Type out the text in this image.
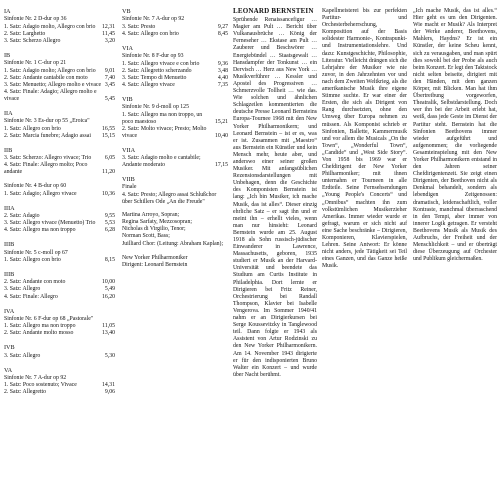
IA
Sinfonie Nr. 2 D-dur op 36
1. Satz: Adagio molto, Allegro con brio	12,31
2. Satz: Larghetto	11,45
3. Satz: Scherzo Allegro	3,20
IB
Sinfonie Nr. 1 C-dur op 21
1. Satz: Adagio molto; Allegro con brio	9,01
2. Satz: Andante cantabile con moto	7,40
3. Satz: Menuetto; Allegro molto e vivace 3,45
4. Satz: Finale: Adagio; Allegro molto e vivace	5,45
IIA
Sinfonie Nr. 3 Es-dur op 55 „Eroica"
1. Satz: Allegro con brio	16,55
2. Satz: Marcia funebre; Adagio assai	15,15
IIB
3. Satz: Scherzo: Allegro vivace; Trio	6,05
4. Satz: Finale: Allegro molto; Poco andante	11,20
Sinfonie Nr. 4 B-dur op 60
1. Satz: Adagio; Allegro vivace	10,36
IIIA
2. Satz: Adagio	9,55
3. Satz: Allegro vivace (Menuetto) Trio	5,53
4. Satz: Allegro ma non troppo	6,28
IIIB
Sinfonie Nr. 5 c-moll op 67
1. Satz: Allegro con brio	8,15
IIIB
2. Satz: Andante con moto	10,00
3. Satz: Allegro	5,49
4. Satz: Finale: Allegro	16,20
IVA
Sinfonie Nr. 6 F-dur op 68 „Pastorale"
1. Satz: Allegro ma non troppo	11,05
2. Satz: Andante molto mosso	13,40
IVB
3. Satz: Allegro	5,30
VA
Sinfonie Nr. 7 A-dur op 92
1. Satz: Poco sostenuto; Vivace	14,31
2. Satz: Allegretto	9,06
VB
Sinfonie Nr. 7 A-dur op 92
3. Satz: Presto	9,27
4. Satz: Allegro con brio	8,45
VIA
Sinfonie Nr. 8 F-dur op 93
1. Satz: Allegro vivace e con brio	9,36
2. Satz: Allegretto scherzando	3,48
3. Satz: Tempo di Menuetto	4,40
4. Satz: Allegro vivace	7,35
VIB
Sinfonie Nr. 9 d-moll op 125
1. Satz: Allegro ma non troppo, un poco maestoso	15,21
2. Satz: Molto vivace; Presto; Molto vivace	10,40
VIIA
3. Satz: Adagio molto e cantabile; Andante moderato	17,15
VIIB
Finale
4. Satz: Presto; Allegro assai Schlußchor über Schillers Ode „An die Freude"
Martina Arroyo, Sopran;
Regina Sarfaty, Mezzosopran;
Nicholas di Virgilio, Tenor;
Norman Scott, Bass;
Juilliard Chor: (Leitung: Abraham Kaplan);

New Yorker Philharmoniker
Dirigent: Leonard Bernstein
LEONARD BERNSTEIN

Sprühende Renaissancefigur … Magier am Pult … Bericht über Vulkanausbrüche … König der Ferneseher … Ekstase am Pult … Zauberer und Beschwörer … Energiebündel … Staatsgewalt … Hansdampfer der Tonkunst … ein Dervisch … Herz aus New York … Musikverführer … Kessler und Apostel des Progressiven … Schmerzvolle Tollheit … wie das. Wie solchen und ähnlichen Schlagzeilen kommentierten die deutsche Presse Leonard Bernsteins Europa-Tournee 1968 mit den New Yorker Philharmonikern; und Leonard Bernstein – ist er es, was er ist. Zusammen mit „Maestro“ aus Bernstein ein Künstler und kein Mensch mehr, heute aber, und anderswo einer seiner großen Musiker. Mit anfangsüblichen Rezensionsdarstellungen mit Unbehagen, denn die Geschichte des Komponisten Bernstein ist lang: „Ich bin Musiker, ich mache Musik, das ist alles“. Dieser einzig ehrliche Satz – er sagt ihn und er meint ihn – erhellt vieles, wenn man nur hinsieht: Leonard Bernstein wurde am 25. August 1918 als Sohn russisch-jüdischer Einwanderer in Lawrence, Massachusetts, geboren, 1935 studiert er Musik an der Harvard-Universität und beendete das Studium am Curtis Institute in Philadelphia. Dort lernte er Dirigieren bei Fritz Reiner, Orchestrierung bei Randall Thompson, Klavier bei Isabelle Vengerova. Im Sommer 1940/41 nahm er an Dirigierkursen bei Serge Koussevitzky in Tanglewood teil. Dann folgte er 1943 als Assistent von Artur Rodzinski zu den New Yorker Philharmonikern. Am 14. November 1943 dirigierte er für den indisponierten Bruno Walter ein Konzert – und wurde über Nacht berühmt.

Kapellmeisterei bis zur perfekten Partitur- und Orchesterbeherrschung, Komposition auf der Basis solidester Harmonie-, Kontrapunkt- und Instrumentationslehre. Und dazu: Kunstgeschichte, Philosophie, Literatur. Vielleicht drängen sich die Lehrjahre der Musiker wie nie zuvor, in den Jahrzehnten vor und nach dem Zweiten Weltkrieg, als die amerikanische Musik ihre eigene Stimme suchte. Er war einer der Ersten, die sich als Dirigent von Rang durchsetzten, ohne den Umweg über Europa nehmen zu müssen. Als Komponist schrieb er Sinfonien, Ballette, Kammermusik und vor allem die Musicals „On the Town“, „Wonderful Town“, „Candide“ und „West Side Story“. Von 1958 bis 1969 war er Chefdirigent der New Yorker Philharmoniker; mit ihnen unternahm er Tourneen in alle Erdteile. Seine Fernsehsendungen „Young People's Concerts“ und „Omnibus“ machten ihn zum volkstümlichen Musikerzieher Amerikas. Immer wieder wurde er gefragt, warum er sich nicht auf eine Sache beschränke – Dirigieren, Komponieren, Klavierspielen, Lehren. Seine Antwort: Er könne nicht anders, jede Tätigkeit sei Teil eines Ganzen, und das Ganze heiße Musik.

„Ich mache Musik, das ist alles.“ Hier geht es um den Dirigenten. Wie macht er Musik? Als Interpret der Werke anderer, Beethovens, Mahlers, Haydns? Er ist ein Künstler, der keine Scheu kennt, sich zu verausgaben, und man spürt dies sowohl bei der Probe als auch beim Konzert. Er legt den Taktstock nicht selten beiseite, dirigiert mit den Händen, mit dem ganzen Körper, mit Blicken. Man hat ihm Übertreibung vorgeworfen, Theatralik, Selbstdarstellung. Doch wer ihn bei der Arbeit erlebt hat, weiß, dass jede Geste im Dienst der Partitur steht. Bernstein hat die Sinfonien Beethovens immer wieder aufgeführt und aufgenommen; die vorliegende Gesamteinspielung mit den New Yorker Philharmonikern entstand in den Jahren seiner Chefdirigentenzeit. Sie zeigt einen Dirigenten, der Beethoven nicht als Denkmal behandelt, sondern als lebendigen Zeitgenossen: dramatisch, leidenschaftlich, voller Kontraste, manchmal überraschend in den Tempi, aber immer von innerer Logik getragen. Er versteht Beethovens Musik als Musik des Aufbruchs, der Freiheit und der Menschlichkeit – und er überträgt diese Überzeugung auf Orchester und Publikum gleichermaßen.
